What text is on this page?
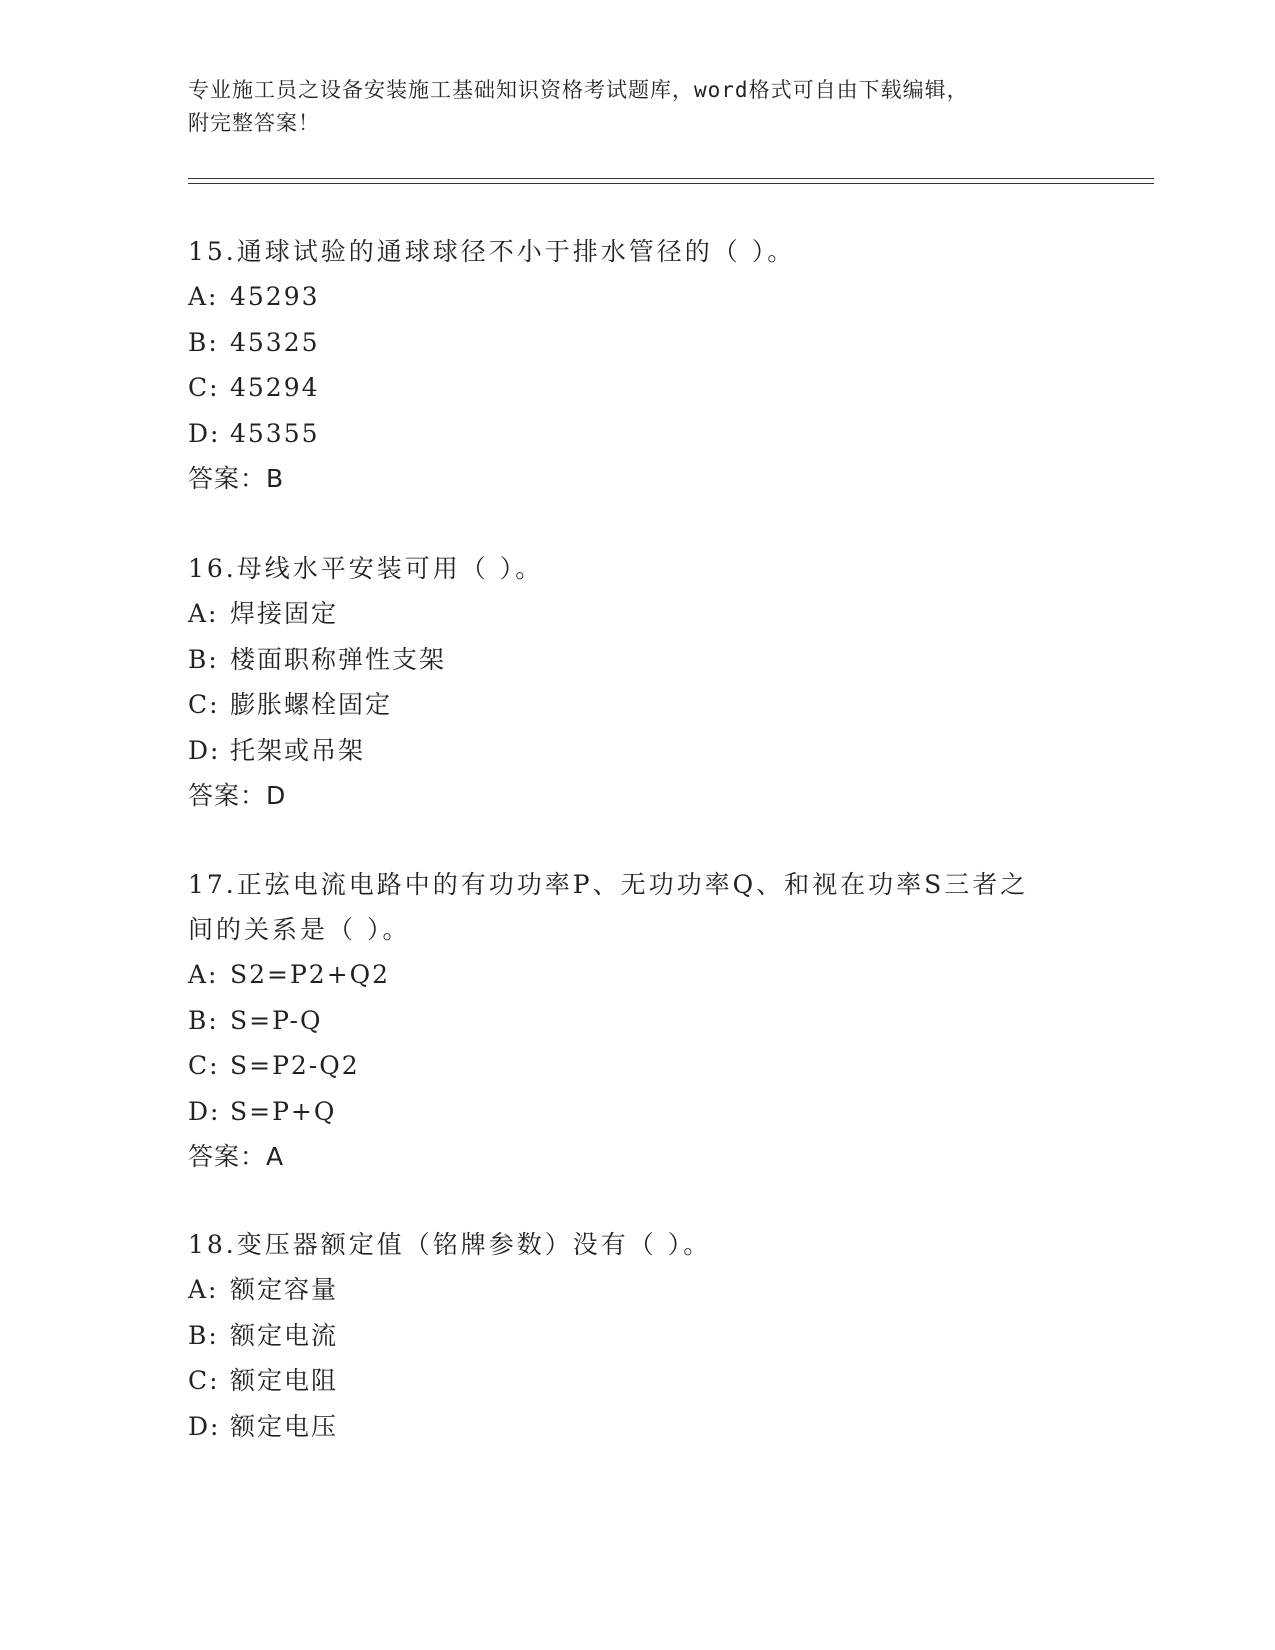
专业施工员之设备安装施工基础知识资格考试题库，word格式可自由下载编辑，
附完整答案！
15.通球试验的通球球径不小于排水管径的（ ）。
A: 45293
B: 45325
C: 45294
D: 45355
答案：B
16.母线水平安装可用（ ）。
A: 焊接固定
B: 楼面职称弹性支架
C: 膨胀螺栓固定
D: 托架或吊架
答案：D
17.正弦电流电路中的有功功率P、无功功率Q、和视在功率S三者之间的关系是（ ）。
A: S2=P2+Q2
B: S=P-Q
C: S=P2-Q2
D: S=P+Q
答案：A
18.变压器额定值（铭牌参数）没有（ ）。
A: 额定容量
B: 额定电流
C: 额定电阻
D: 额定电压
